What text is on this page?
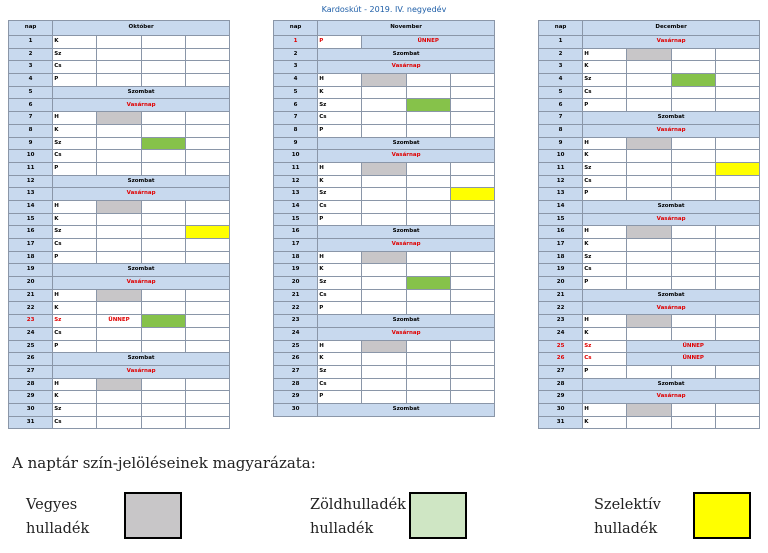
Kardoskút - 2019. IV. negyedév
nap	Október			
1	K			
2	Sz			
3	Cs			
4	P			
5	Szombat			
6	Vasárnap			
7	H			
8	K			
9	Sz			
10	Cs			
11	P			
12	Szombat			
13	Vasárnap			
14	H			
15	K			
16	Sz			
17	Cs			
18	P			
19	Szombat			
20	Vasárnap			
21	H			
22	K			
23	Sz	ÜNNEP		
24	Cs			
25	P			
26	Szombat			
27	Vasárnap			
28	H			
29	K			
30	Sz			
31	Cs			
nap	November			
1	P	ÜNNEP		
2	Szombat			
3	Vasárnap			
4	H			
5	K			
6	Sz			
7	Cs			
8	P			
9	Szombat			
10	Vasárnap			
11	H			
12	K			
13	Sz			
14	Cs			
15	P			
16	Szombat			
17	Vasárnap			
18	H			
19	K			
20	Sz			
21	Cs			
22	P			
23	Szombat			
24	Vasárnap			
25	H			
26	K			
27	Sz			
28	Cs			
29	P			
30	Szombat			
nap	December			
1	Vasárnap			
2	H			
3	K			
4	Sz			
5	Cs			
6	P			
7	Szombat			
8	Vasárnap			
9	H			
10	K			
11	Sz			
12	Cs			
13	P			
14	Szombat			
15	Vasárnap			
16	H			
17	K			
18	Sz			
19	Cs			
20	P			
21	Szombat			
22	Vasárnap			
23	H			
24	K			
25	Sz	ÜNNEP		
26	Cs	ÜNNEP		
27	P			
28	Szombat			
29	Vasárnap			
30	H			
31	K			
A naptár szín-jelöléseinek magyarázata:
Vegyes
hulladék
Zöldhulladék
hulladék
Szelektív
hulladék
